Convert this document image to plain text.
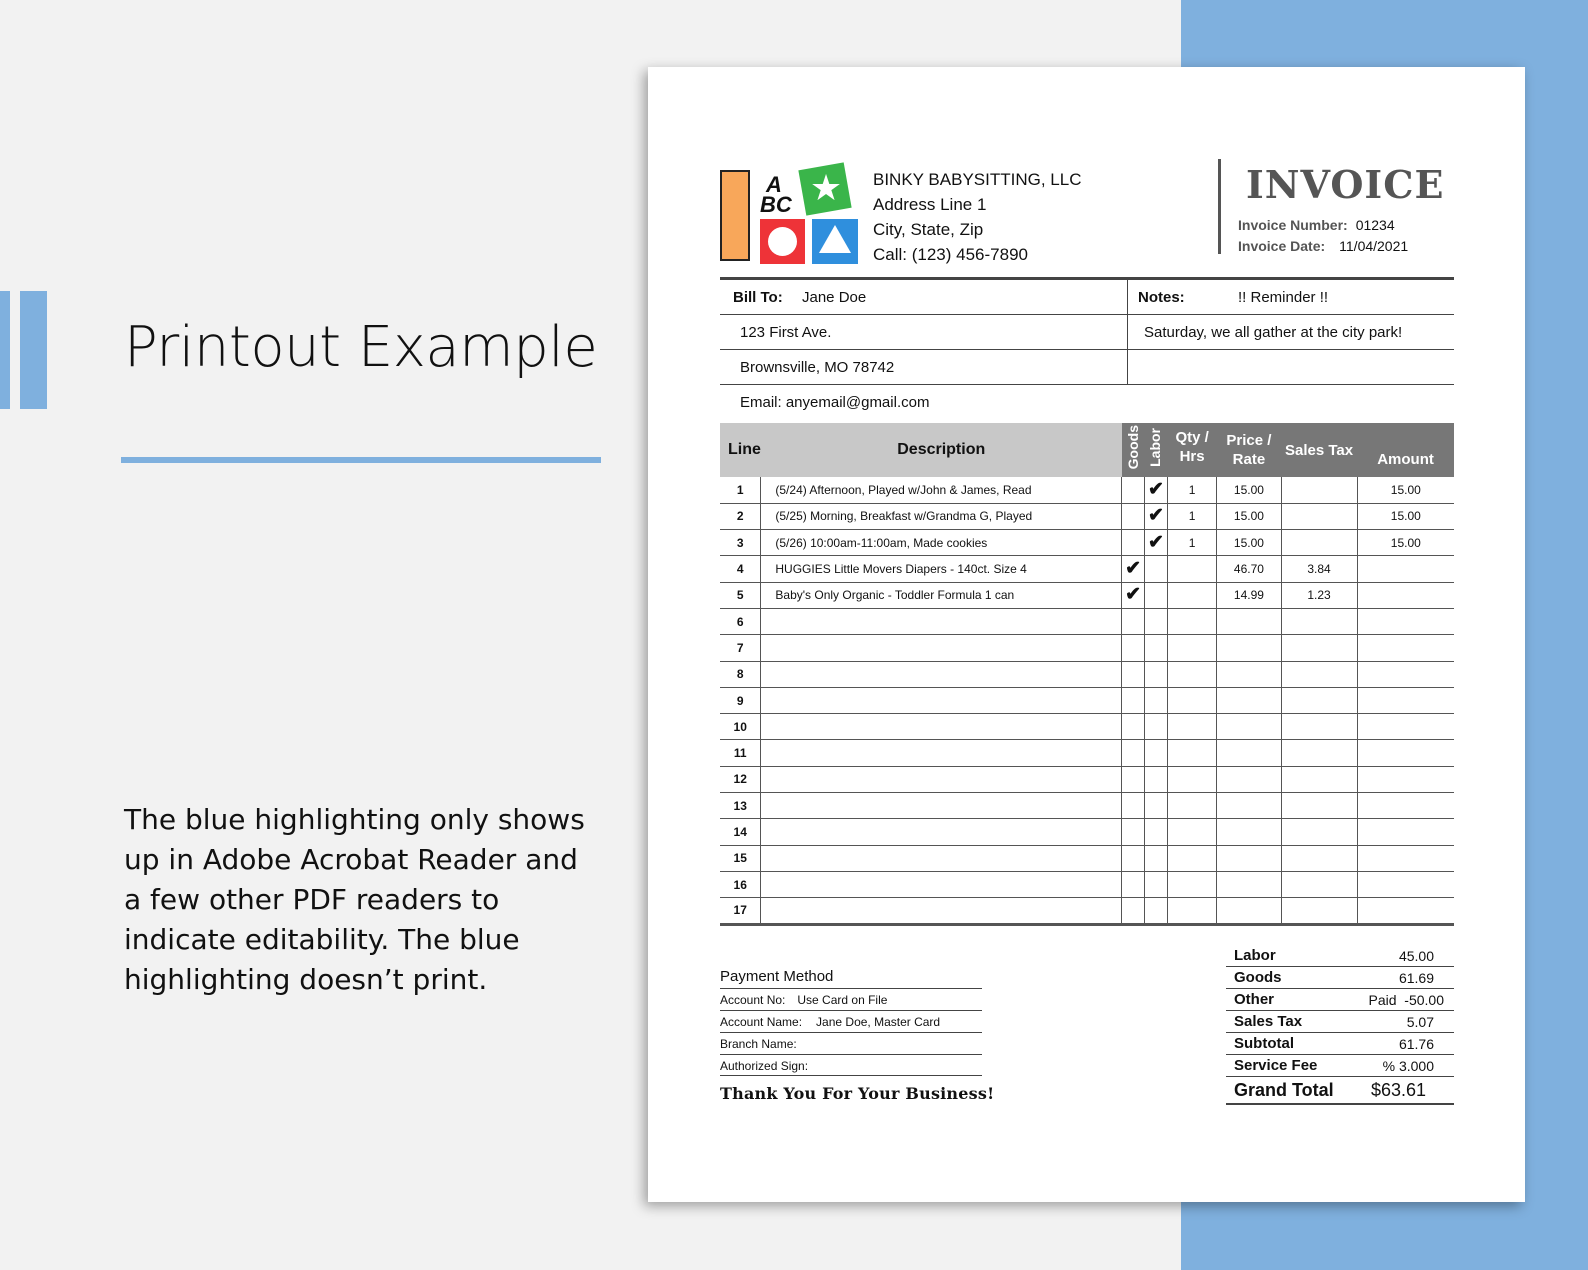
Printout Example
The blue highlighting only shows up in Adobe Acrobat Reader and a few other PDF readers to indicate editability. The blue highlighting doesn’t print.
A
BC ★ BINKY BABYSITTING, LLC
Address Line 1
City, State, Zip
Call: (123) 456-7890
INVOICE
Invoice Number: 01234
Invoice Date: 11/04/2021
Bill To: Jane Doe	Notes:	!! Reminder !!
123 First Ave.	Saturday, we all gather at the city park!
Brownsville, MO 78742
Email: anyemail@gmail.com
Line	Description	Goods	Labor	Qty / Hrs	Price / Rate	Sales Tax	Amount
1	(5/24) Afternoon, Played w/John & James, Read		✔	1	15.00		15.00
2	(5/25) Morning, Breakfast w/Grandma G, Played		✔	1	15.00		15.00
3	(5/26) 10:00am-11:00am, Made cookies		✔	1	15.00		15.00
4	HUGGIES Little Movers Diapers - 140ct. Size 4	✔			46.70	3.84	
5	Baby's Only Organic - Toddler Formula 1 can	✔			14.99	1.23	
6							
7							
8							
9							
10							
11							
12							
13							
14							
15							
16							
17							
Payment Method
Account No: Use Card on File
Account Name: Jane Doe, Master Card
Branch Name:
Authorized Sign:
Thank You For Your Business!
Labor	45.00
Goods	61.69
Other	Paid  -50.00
Sales Tax	5.07
Subtotal	61.76
Service Fee	% 3.000
Grand Total $63.61
